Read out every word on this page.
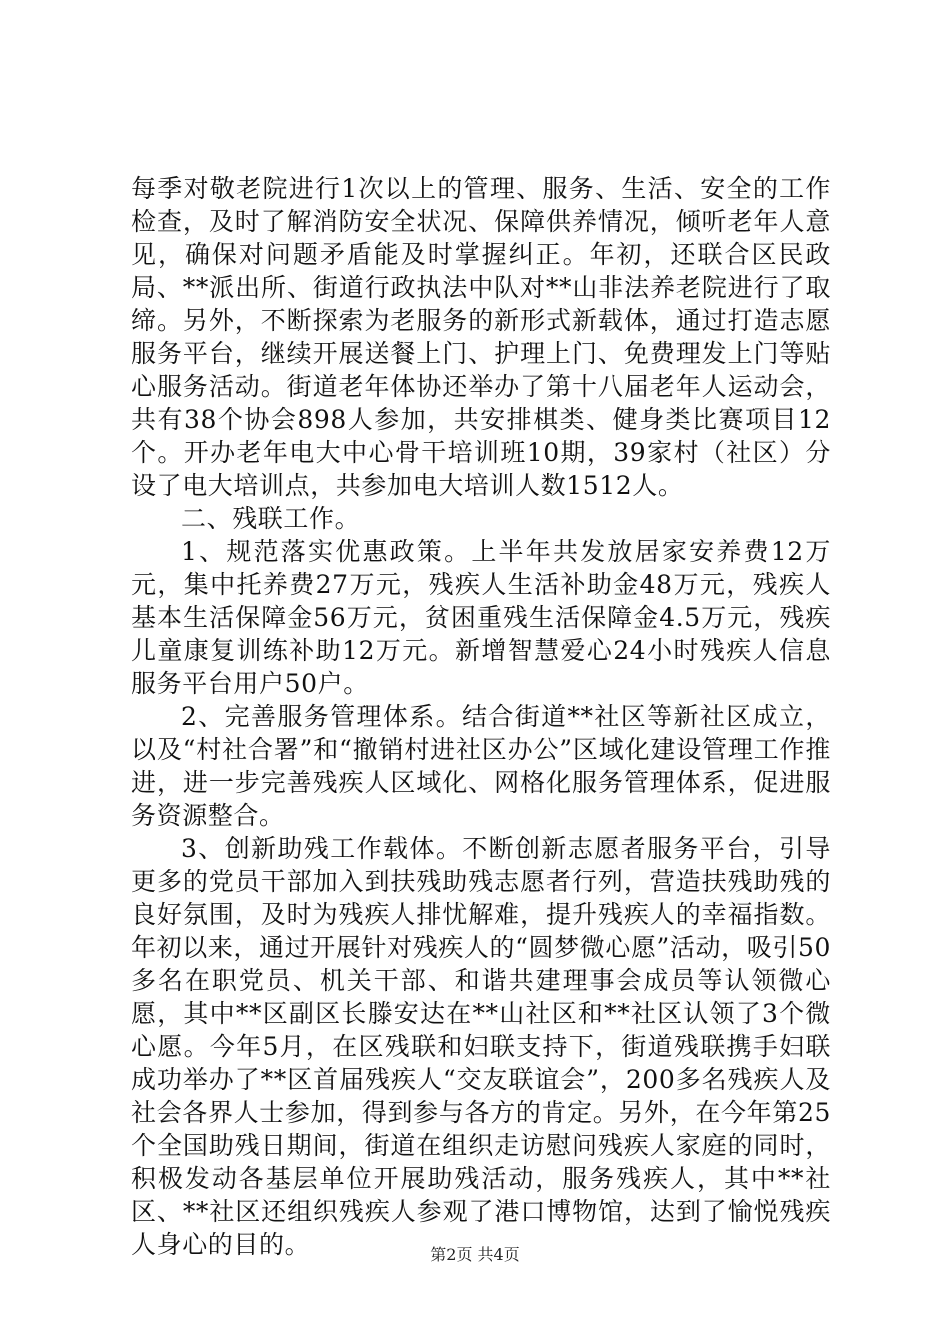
每季对敬老院进行1次以上的管理、服务、生活、安全的工作检查，及时了解消防安全状况、保障供养情况，倾听老年人意见，确保对问题矛盾能及时掌握纠正。年初，还联合区民政局、**派出所、街道行政执法中队对**山非法养老院进行了取缔。另外，不断探索为老服务的新形式新载体，通过打造志愿服务平台，继续开展送餐上门、护理上门、免费理发上门等贴心服务活动。街道老年体协还举办了第十八届老年人运动会，共有38个协会898人参加，共安排棋类、健身类比赛项目12个。开办老年电大中心骨干培训班10期，39家村（社区）分设了电大培训点，共参加电大培训人数1512人。

二、残联工作。

1、规范落实优惠政策。上半年共发放居家安养费12万元，集中托养费27万元，残疾人生活补助金48万元，残疾人基本生活保障金56万元，贫困重残生活保障金4.5万元，残疾儿童康复训练补助12万元。新增智慧爱心24小时残疾人信息服务平台用户50户。

2、完善服务管理体系。结合街道**社区等新社区成立，以及“村社合署”和“撤销村进社区办公”区域化建设管理工作推进，进一步完善残疾人区域化、网格化服务管理体系，促进服务资源整合。

3、创新助残工作载体。不断创新志愿者服务平台，引导更多的党员干部加入到扶残助残志愿者行列，营造扶残助残的良好氛围，及时为残疾人排忧解难，提升残疾人的幸福指数。年初以来，通过开展针对残疾人的“圆梦微心愿”活动，吸引50多名在职党员、机关干部、和谐共建理事会成员等认领微心愿，其中**区副区长滕安达在**山社区和**社区认领了3个微心愿。今年5月，在区残联和妇联支持下，街道残联携手妇联成功举办了**区首届残疾人“交友联谊会”，200多名残疾人及社会各界人士参加，得到参与各方的肯定。另外，在今年第25个全国助残日期间，街道在组织走访慰问残疾人家庭的同时，积极发动各基层单位开展助残活动，服务残疾人，其中**社区、**社区还组织残疾人参观了港口博物馆，达到了愉悦残疾人身心的目的。	第2页 共4页
